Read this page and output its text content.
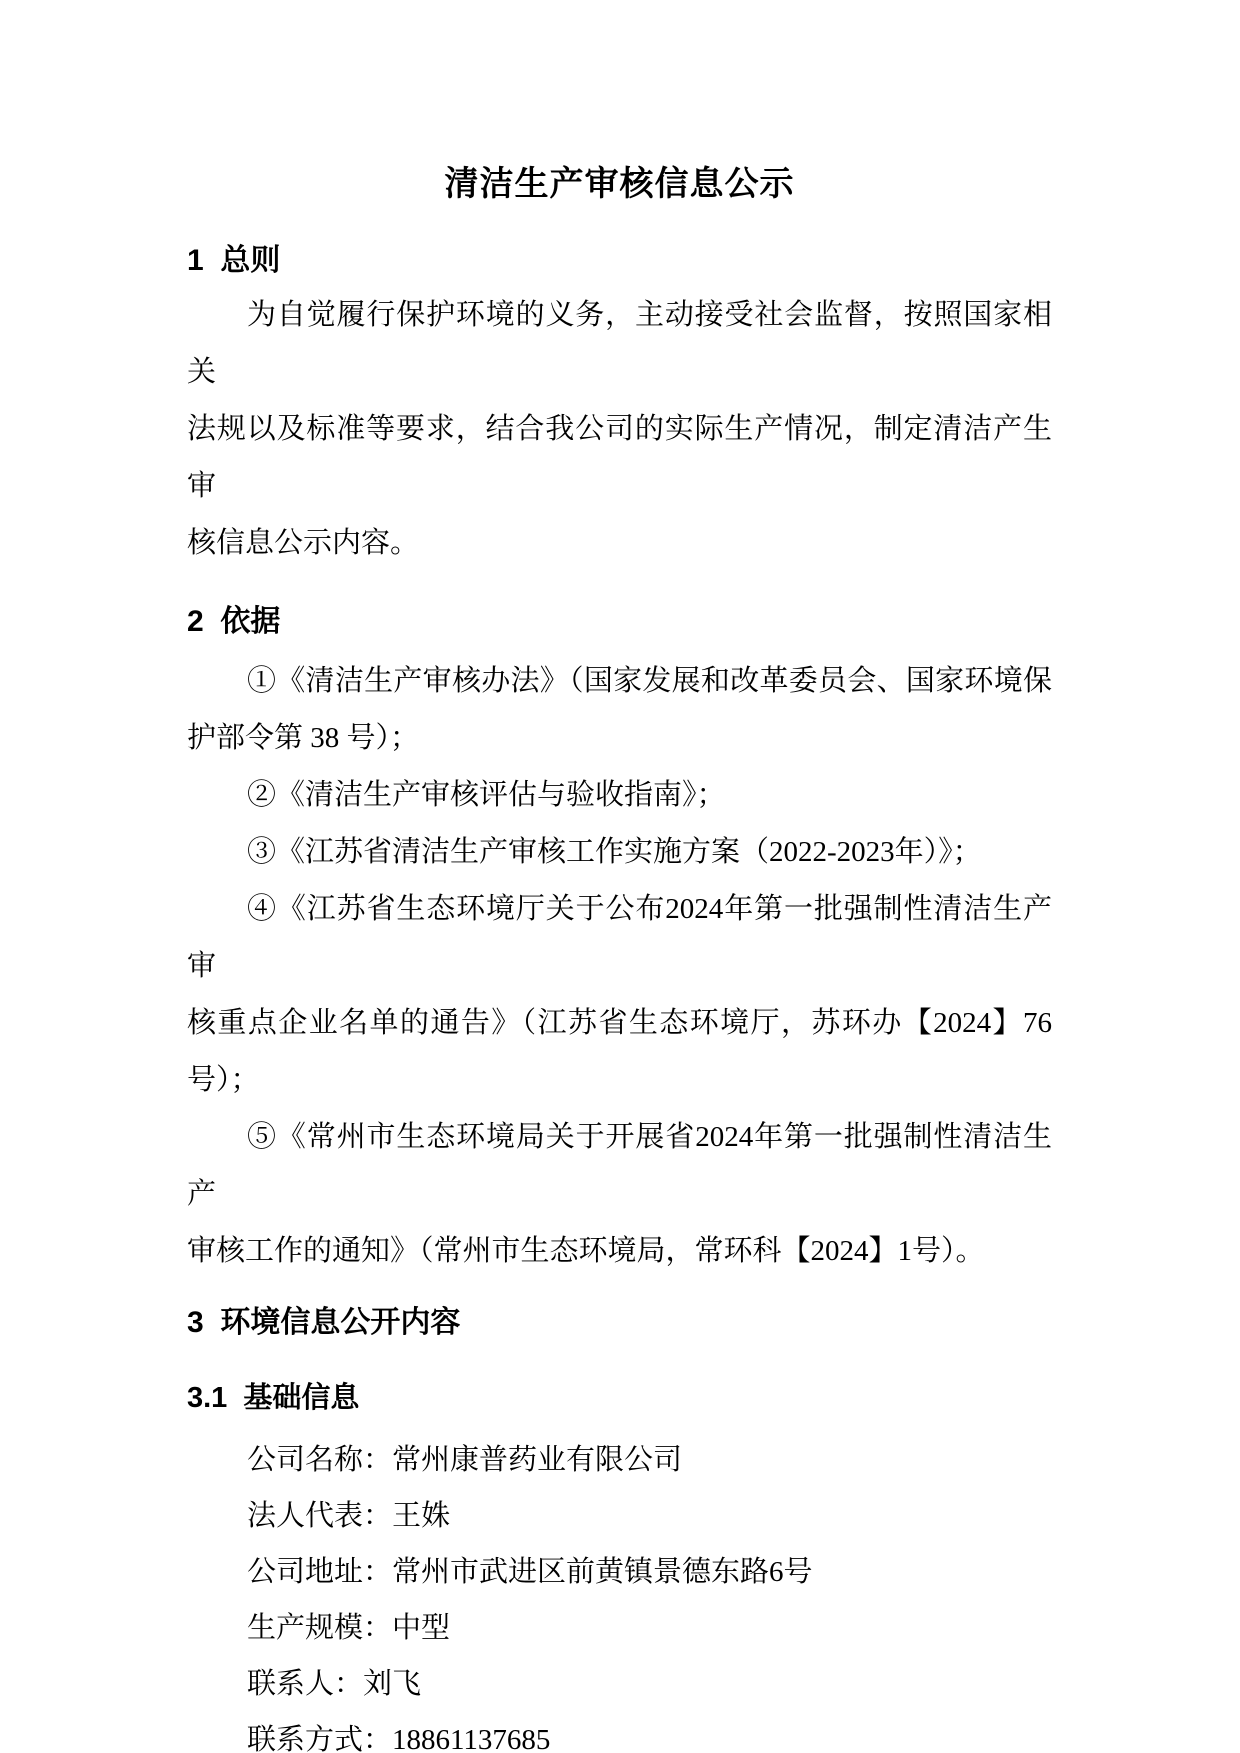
清洁生产审核信息公示
1  总则
为自觉履行保护环境的义务，主动接受社会监督，按照国家相关
法规以及标准等要求，结合我公司的实际生产情况，制定清洁产生审
核信息公示内容。
2  依据
①《清洁生产审核办法》（国家发展和改革委员会、国家环境保
护部令第 38 号）；
②《清洁生产审核评估与验收指南》；
③《江苏省清洁生产审核工作实施方案（2022-2023年）》；
④《江苏省生态环境厅关于公布2024年第一批强制性清洁生产审
核重点企业名单的通告》（江苏省生态环境厅，苏环办【2024】76
号）；
⑤《常州市生态环境局关于开展省2024年第一批强制性清洁生产
审核工作的通知》（常州市生态环境局，常环科【2024】1号）。
3  环境信息公开内容
3.1  基础信息
公司名称：常州康普药业有限公司
法人代表：王姝
公司地址：常州市武进区前黄镇景德东路6号
生产规模：中型
联系人：刘飞
联系方式：18861137685
